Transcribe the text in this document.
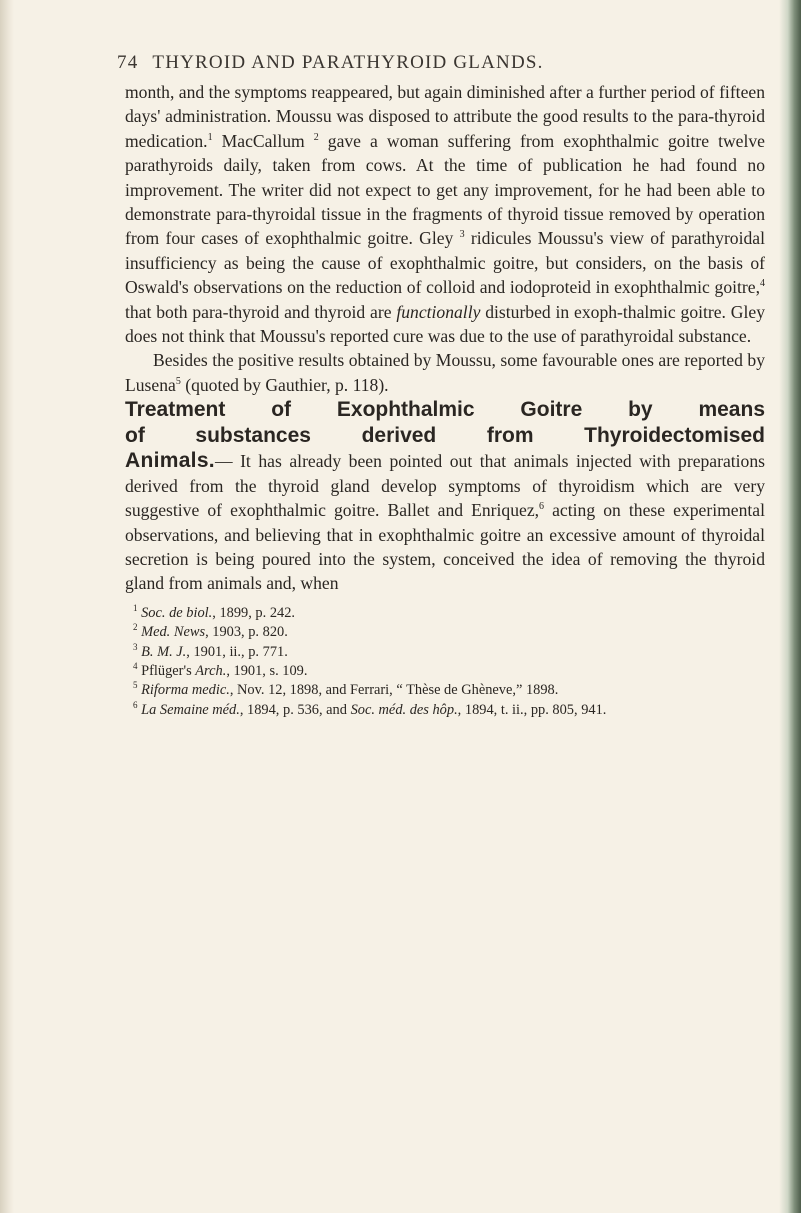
74 THYROID AND PARATHYROID GLANDS.

month, and the symptoms reappeared, but again diminished after a further period of fifteen days' administration. Moussu was disposed to attribute the good results to the para-thyroid medication.$^1$ MacCallum $^2$ gave a woman suffering from exophthalmic goitre twelve parathyroids daily, taken from cows. At the time of publication he had found no improvement. The writer did not expect to get any improvement, for he had been able to demonstrate para-thyroidal tissue in the fragments of thyroid tissue removed by operation from four cases of exophthalmic goitre. Gley $^3$ ridicules Moussu's view of parathyroidal insufficiency as being the cause of exophthalmic goitre, but considers, on the basis of Oswald's observations on the reduction of colloid and iodoproteid in exophthalmic goitre,$^4$ that both para-thyroid and thyroid are functionally disturbed in exoph-thalmic goitre. Gley does not think that Moussu's reported cure was due to the use of parathyroidal substance.

Besides the positive results obtained by Moussu, some favourable ones are reported by Lusena$^5$ (quoted by Gauthier, p. 118).

Treatment of Exophthalmic Goitre by means

of substances derived from Thyroidectomised

Animals.— It has already been pointed out that animals injected with preparations derived from the thyroid gland develop symptoms of thyroidism which are very suggestive of exophthalmic goitre. Ballet and Enriquez,$^6$ acting on these experimental observations, and believing that in exophthalmic goitre an excessive amount of thyroidal secretion is being poured into the system, conceived the idea of removing the thyroid gland from animals and, when

$^1$ Soc. de biol., 1899, p. 242.

$^2$ Med. News, 1903, p. 820.

$^3$ B. M. J., 1901, ii., p. 771.

$^4$ Pflüger's Arch., 1901, s. 109.

$^5$ Riforma medic., Nov. 12, 1898, and Ferrari, “ Thèse de Ghèneve,” 1898.

$^6$ La Semaine méd., 1894, p. 536, and Soc. méd. des hôp., 1894, t. ii., pp. 805, 941.
